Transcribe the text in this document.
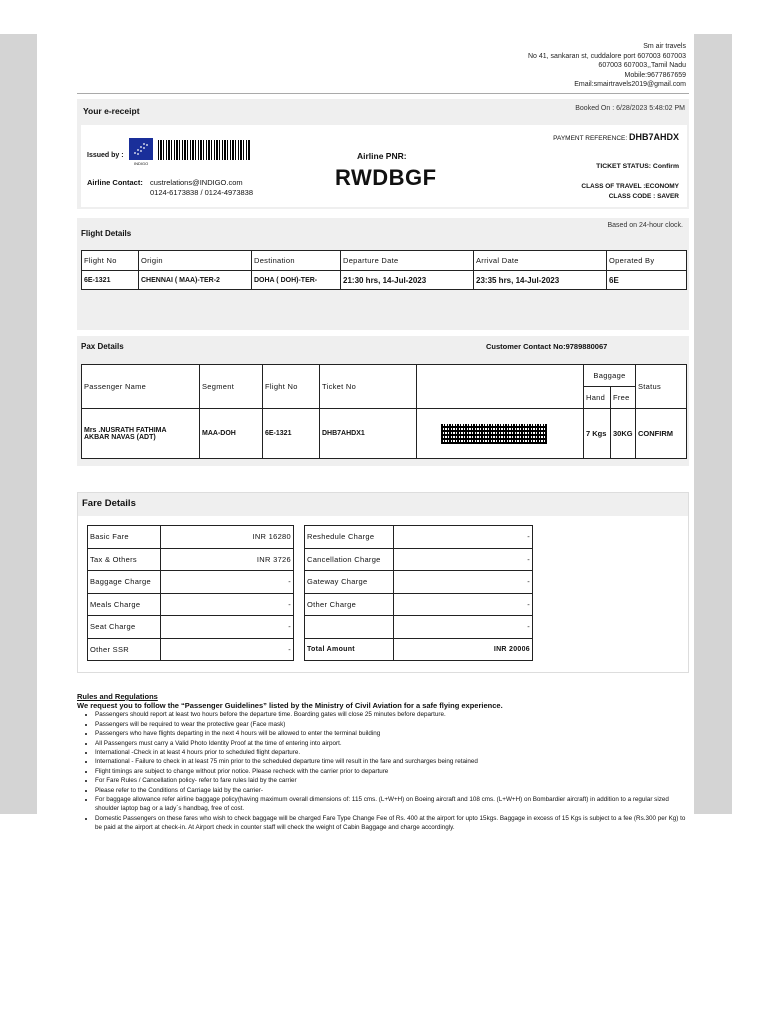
Sm air travels
No 41, sankaran st, cuddalore port 607003 607003
607003 607003,,Tamil Nadu
Mobile:9677867659
Email:smairtravels2019@gmail.com
Your e-receipt	Booked On : 6/28/2023 5:48:02 PM
Issued by :
INDIGO
Airline Contact: custrelations@INDIGO.com
0124-6173838 / 0124-4973838
Airline PNR:
RWDBGF
PAYMENT REFERENCE: DHB7AHDX
TICKET STATUS: Confirm
CLASS OF TRAVEL :ECONOMY
CLASS CODE : SAVER
Flight Details
Based on 24-hour clock.
Flight No	Origin	Destination	Departure Date	Arrival Date	Operated By
6E-1321	CHENNAI ( MAA)-TER-2	DOHA ( DOH)-TER-	21:30 hrs, 14-Jul-2023	23:35 hrs, 14-Jul-2023	6E
Pax Details	Customer Contact No:9789880067
Passenger Name	Segment	Flight No	Ticket No		Baggage		Status
					Hand	Free	

Mrs .NUSRATH FATHIMA
AKBAR NAVAS (ADT)	MAA-DOH	6E-1321	DHB7AHDX1		7 Kgs	30KG	CONFIRM
Fare Details
Basic Fare	INR 16280
Tax & Others	INR 3726
Baggage Charge	-
Meals Charge	-
Seat Charge	-
Other SSR	-
Reshedule Charge	-
Cancellation Charge	-
Gateway Charge	-
Other Charge	-
	-
Total Amount	INR 20006
Rules and Regulations
We request you to follow the “Passenger Guidelines” listed by the Ministry of Civil Aviation for a safe flying experience.
• Passengers should report at least two hours before the departure time. Boarding gates will close 25 minutes before departure.
• Passengers will be required to wear the protective gear (Face mask)
• Passengers who have flights departing in the next 4 hours will be allowed to enter the terminal building
• All Passengers must carry a Valid Photo Identity Proof at the time of entering into airport.
• International -Check in at least 4 hours prior to scheduled flight departure.
• International - Failure to check in at least 75 min prior to the scheduled departure time will result in the fare and surcharges being retained
• Flight timings are subject to change without prior notice. Please recheck with the carrier prior to departure
• For Fare Rules / Cancellation policy- refer to fare rules laid by the carrier
• Please refer to the Conditions of Carriage laid by the carrier-
• For baggage allowance refer airline baggage policy(having maximum overall dimensions of: 115 cms. (L+W+H) on Boeing aircraft and 108 cms. (L+W+H) on Bombardier aircraft) in addition to a regular sized shoulder laptop bag or a lady`s handbag, free of cost.
• Domestic Passengers on these fares who wish to check baggage will be charged Fare Type Change Fee of Rs. 400 at the airport for upto 15kgs. Baggage in excess of 15 Kgs is subject to a fee (Rs.300 per Kg) to be paid at the airport at check-in. At Airport check in counter staff will check the weight of Cabin Baggage and charge accordingly.
